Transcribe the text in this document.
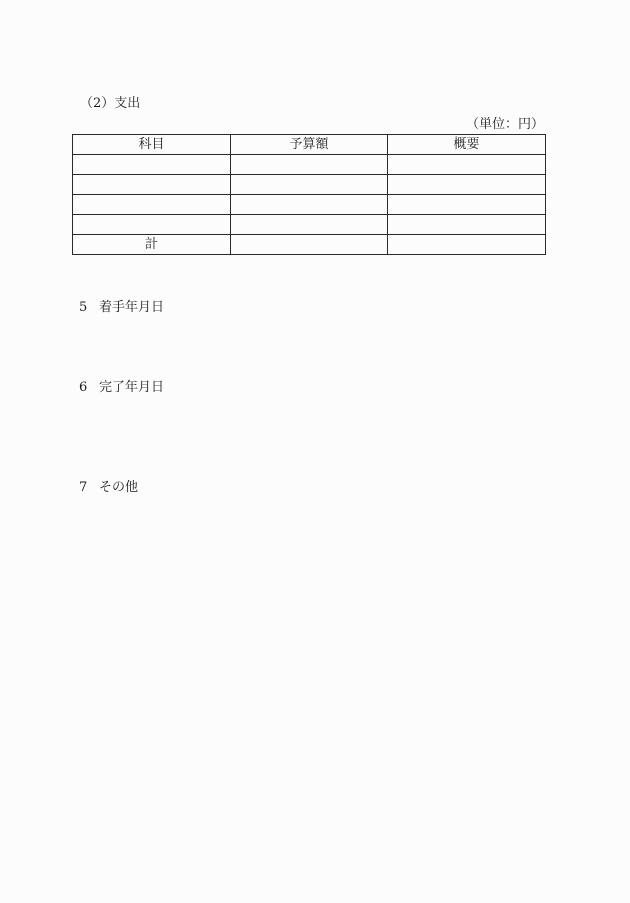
（2）支出
（単位：円）
科目	予算額	概要

計		
5 着手年月日
6 完了年月日
7 その他
